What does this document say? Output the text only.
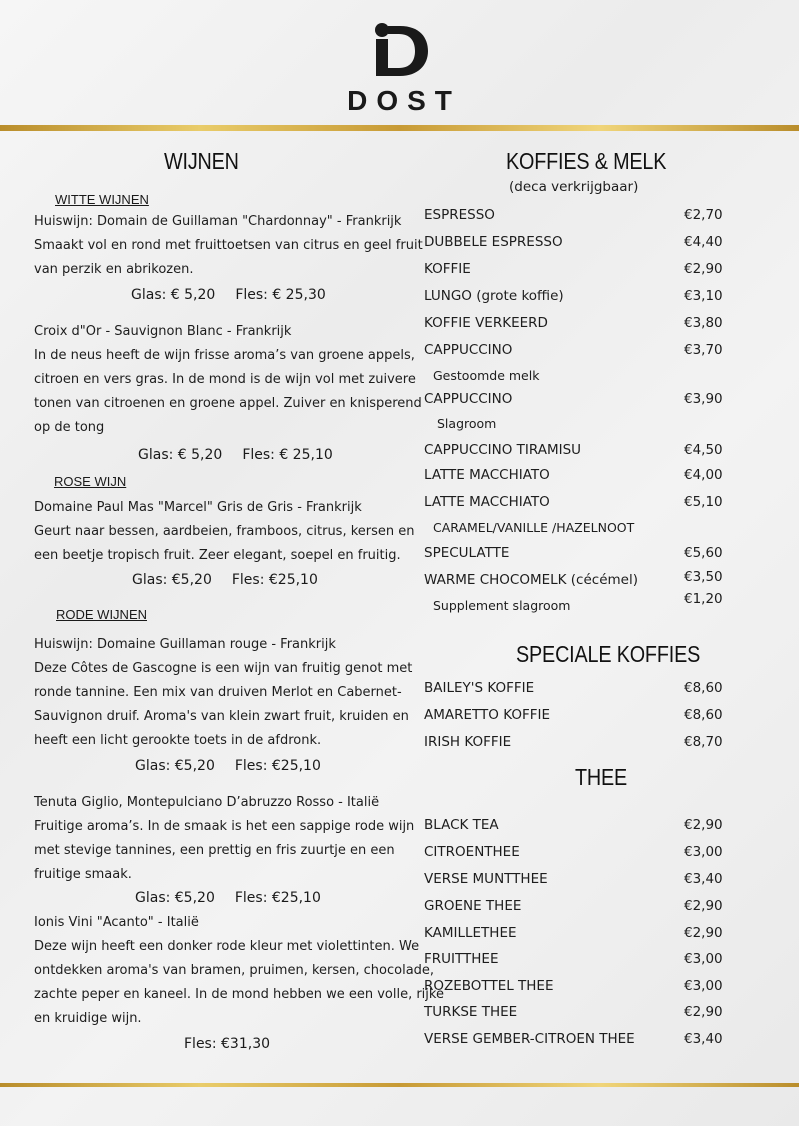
DOST
WIJNEN
WITTE WIJNEN
Huiswijn: Domain de Guillaman "Chardonnay" - Frankrijk
Smaakt vol en rond met fruittoetsen van citrus en geel fruit
van perzik en abrikozen.
Glas: € 5,20 Fles: € 25,30
Croix d"Or - Sauvignon Blanc - Frankrijk
In de neus heeft de wijn frisse aroma’s van groene appels,
citroen en vers gras. In de mond is de wijn vol met zuivere
tonen van citroenen en groene appel. Zuiver en knisperend
op de tong
Glas: € 5,20 Fles: € 25,10
ROSE WIJN
Domaine Paul Mas "Marcel" Gris de Gris - Frankrijk
Geurt naar bessen, aardbeien, framboos, citrus, kersen en
een beetje tropisch fruit. Zeer elegant, soepel en fruitig.
Glas: €5,20 Fles: €25,10
RODE WIJNEN
Huiswijn: Domaine Guillaman rouge - Frankrijk
Deze Côtes de Gascogne is een wijn van fruitig genot met
ronde tannine. Een mix van druiven Merlot en Cabernet-
Sauvignon druif. Aroma's van klein zwart fruit, kruiden en
heeft een licht gerookte toets in de afdronk.
Glas: €5,20 Fles: €25,10
Tenuta Giglio, Montepulciano D’abruzzo Rosso - Italië
Fruitige aroma’s. In de smaak is het een sappige rode wijn
met stevige tannines, een prettig en fris zuurtje en een
fruitige smaak.
Glas: €5,20 Fles: €25,10
Ionis Vini "Acanto" - Italië
Deze wijn heeft een donker rode kleur met violettinten. We
ontdekken aroma's van bramen, pruimen, kersen, chocolade,
zachte peper en kaneel. In de mond hebben we een volle, rijke
en kruidige wijn.
Fles: €31,30
KOFFIES & MELK
(deca verkrijgbaar)
ESPRESSO	€2,70
DUBBELE ESPRESSO	€4,40
KOFFIE	€2,90
LUNGO (grote koffie)	€3,10
KOFFIE VERKEERD	€3,80
CAPPUCCINO	€3,70
Gestoomde melk
CAPPUCCINO	€3,90
Slagroom
CAPPUCCINO TIRAMISU	€4,50
LATTE MACCHIATO	€4,00
LATTE MACCHIATO	€5,10
CARAMEL/VANILLE /HAZELNOOT
SPECULATTE	€5,60
WARME CHOCOMELK (cécémel)	€3,50
Supplement slagroom	€1,20
SPECIALE KOFFIES
BAILEY'S KOFFIE	€8,60
AMARETTO KOFFIE	€8,60
IRISH KOFFIE	€8,70
THEE
BLACK TEA	€2,90
CITROENTHEE	€3,00
VERSE MUNTTHEE	€3,40
GROENE THEE	€2,90
KAMILLETHEE	€2,90
FRUITTHEE	€3,00
ROZEBOTTEL THEE	€3,00
TURKSE THEE	€2,90
VERSE GEMBER-CITROEN THEE	€3,40
